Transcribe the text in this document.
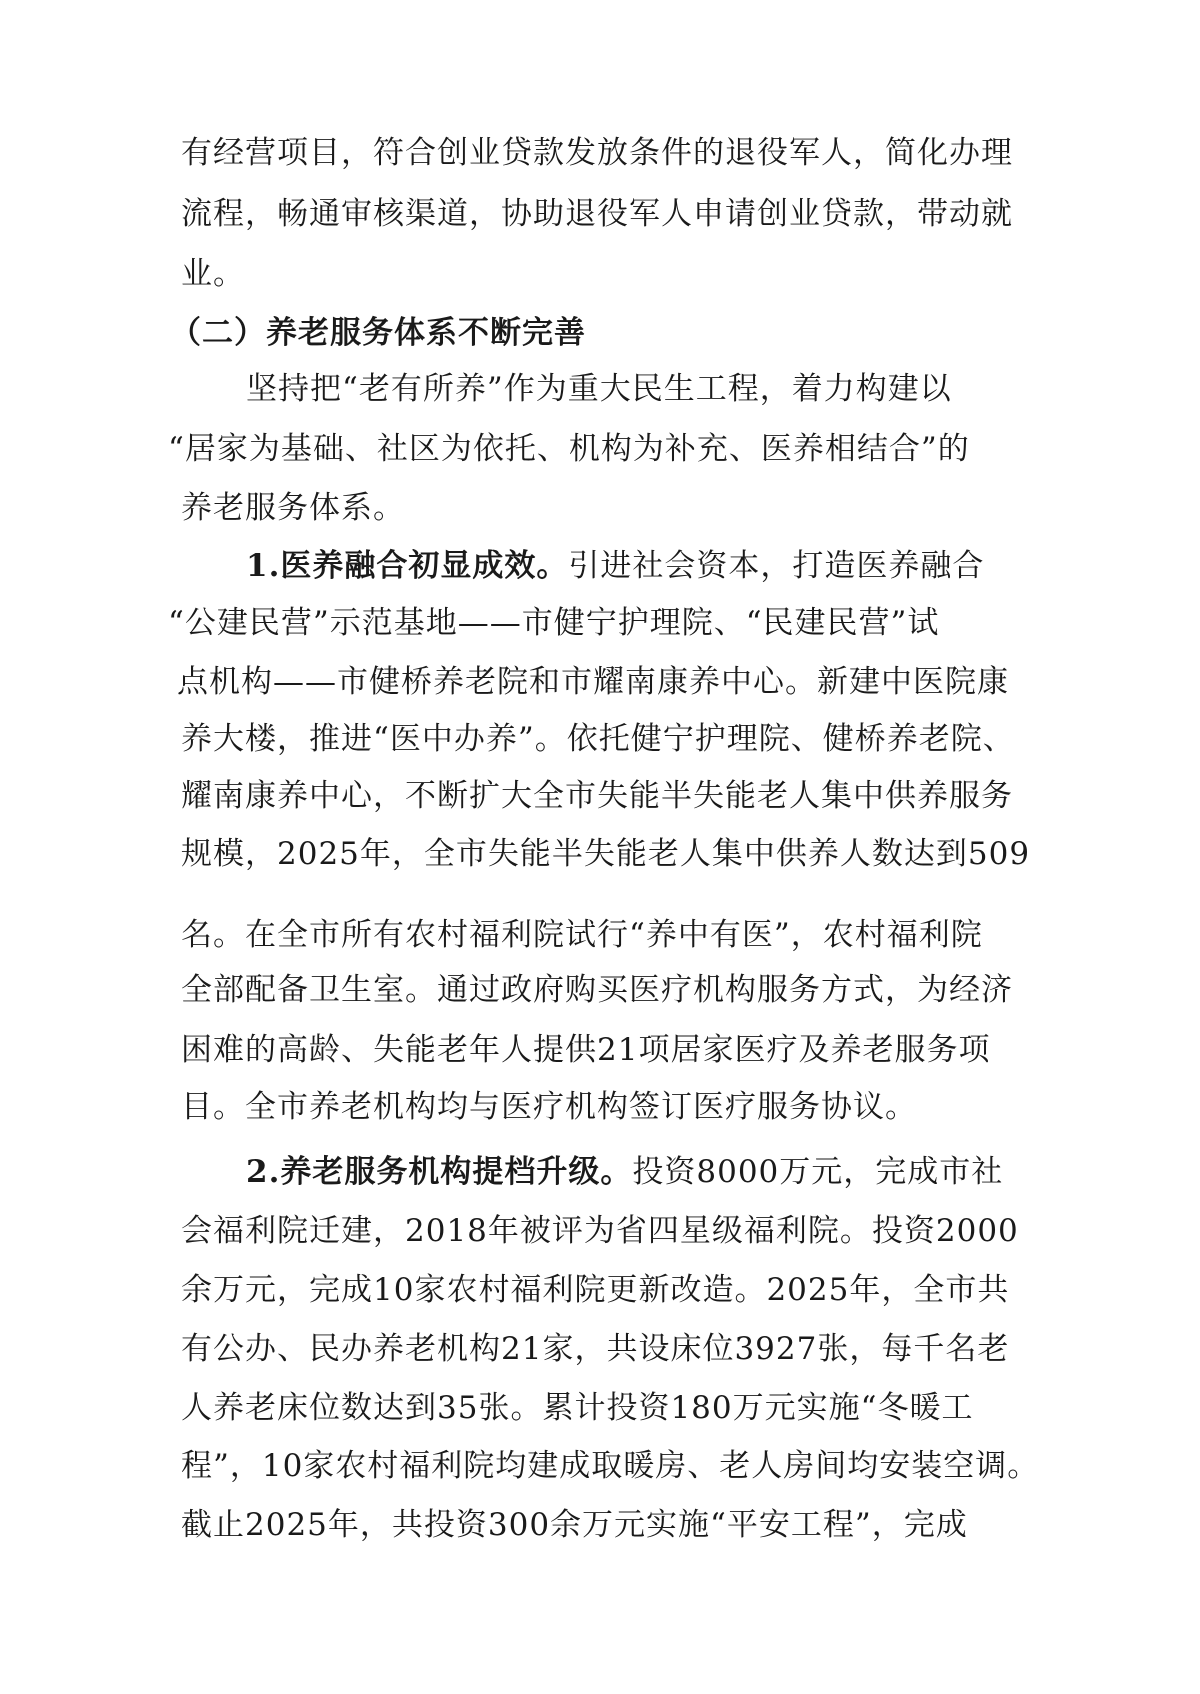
有经营项目，符合创业贷款发放条件的退役军人，简化办理
流程，畅通审核渠道，协助退役军人申请创业贷款，带动就
业。
（二）养老服务体系不断完善
坚持把“老有所养”作为重大民生工程，着力构建以
“居家为基础、社区为依托、机构为补充、医养相结合”的
养老服务体系。
1.医养融合初显成效。引进社会资本，打造医养融合
“公建民营”示范基地——市健宁护理院、“民建民营”试
点机构——市健桥养老院和市耀南康养中心。新建中医院康
养大楼，推进“医中办养”。依托健宁护理院、健桥养老院、
耀南康养中心，不断扩大全市失能半失能老人集中供养服务
规模，2025年，全市失能半失能老人集中供养人数达到509
名。在全市所有农村福利院试行“养中有医”，农村福利院
全部配备卫生室。通过政府购买医疗机构服务方式，为经济
困难的高龄、失能老年人提供21项居家医疗及养老服务项
目。全市养老机构均与医疗机构签订医疗服务协议。
2.养老服务机构提档升级。投资8000万元，完成市社
会福利院迁建，2018年被评为省四星级福利院。投资2000
余万元，完成10家农村福利院更新改造。2025年，全市共
有公办、民办养老机构21家，共设床位3927张，每千名老
人养老床位数达到35张。累计投资180万元实施“冬暖工
程”，10家农村福利院均建成取暖房、老人房间均安装空调。
截止2025年，共投资300余万元实施“平安工程”，完成
